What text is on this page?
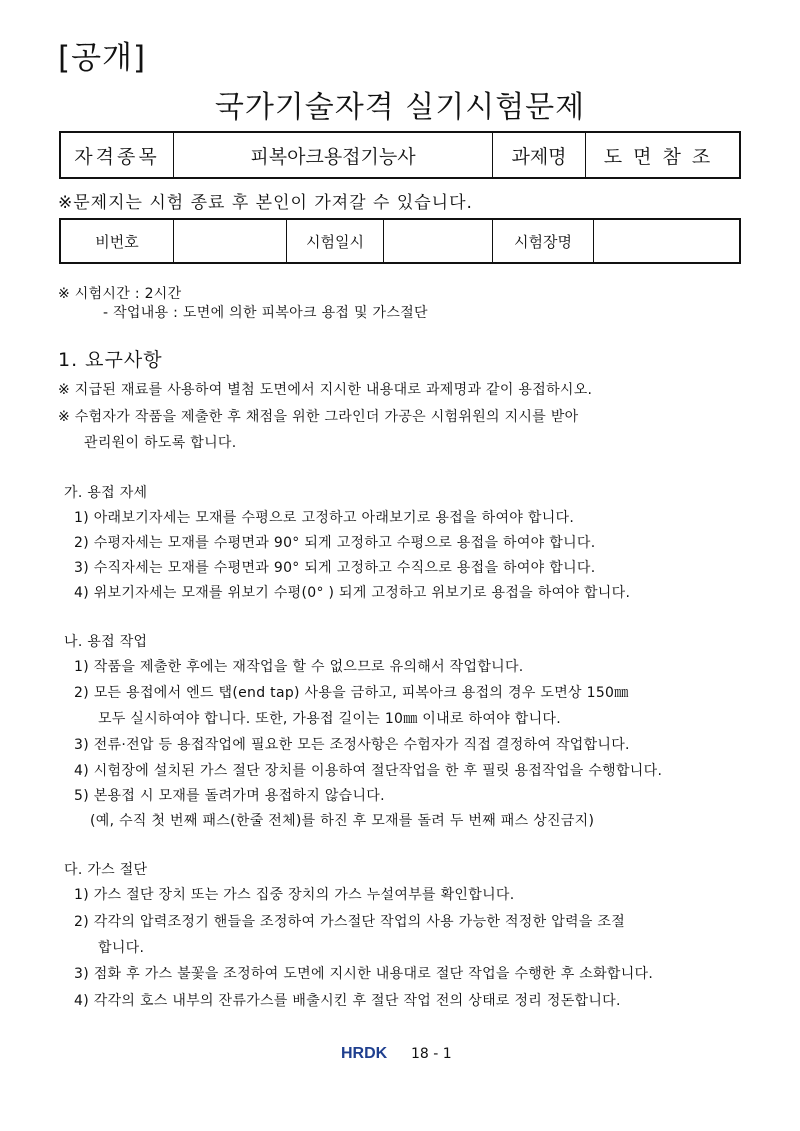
[공개]
국가기술자격 실기시험문제
자격종목	피복아크용접기능사	과제명	도면참조
※문제지는 시험 종료 후 본인이 가져갈 수 있습니다.
비번호		시험일시		시험장명	
※ 시험시간 : 2시간
- 작업내용 : 도면에 의한 피복아크 용접 및 가스절단
1. 요구사항
※ 지급된 재료를 사용하여 별첨 도면에서 지시한 내용대로 과제명과 같이 용접하시오.
※ 수험자가 작품을 제출한 후 채점을 위한 그라인더 가공은 시험위원의 지시를 받아
관리원이 하도록 합니다.
가. 용접 자세
1) 아래보기자세는 모재를 수평으로 고정하고 아래보기로 용접을 하여야 합니다.
2) 수평자세는 모재를 수평면과 90° 되게 고정하고 수평으로 용접을 하여야 합니다.
3) 수직자세는 모재를 수평면과 90° 되게 고정하고 수직으로 용접을 하여야 합니다.
4) 위보기자세는 모재를 위보기 수평(0° ) 되게 고정하고 위보기로 용접을 하여야 합니다.
나. 용접 작업
1) 작품을 제출한 후에는 재작업을 할 수 없으므로 유의해서 작업합니다.
2) 모든 용접에서 엔드 탭(end tap) 사용을 금하고, 피복아크 용접의 경우 도면상 150㎜
모두 실시하여야 합니다. 또한, 가용접 길이는 10㎜ 이내로 하여야 합니다.
3) 전류·전압 등 용접작업에 필요한 모든 조정사항은 수험자가 직접 결정하여 작업합니다.
4) 시험장에 설치된 가스 절단 장치를 이용하여 절단작업을 한 후 필릿 용접작업을 수행합니다.
5) 본용접 시 모재를 돌려가며 용접하지 않습니다.
(예, 수직 첫 번째 패스(한줄 전체)를 하진 후 모재를 돌려 두 번째 패스 상진금지)
다. 가스 절단
1) 가스 절단 장치 또는 가스 집중 장치의 가스 누설여부를 확인합니다.
2) 각각의 압력조정기 핸들을 조정하여 가스절단 작업의 사용 가능한 적정한 압력을 조절
합니다.
3) 점화 후 가스 불꽃을 조정하여 도면에 지시한 내용대로 절단 작업을 수행한 후 소화합니다.
4) 각각의 호스 내부의 잔류가스를 배출시킨 후 절단 작업 전의 상태로 정리 정돈합니다.
HRDK 18 - 1
